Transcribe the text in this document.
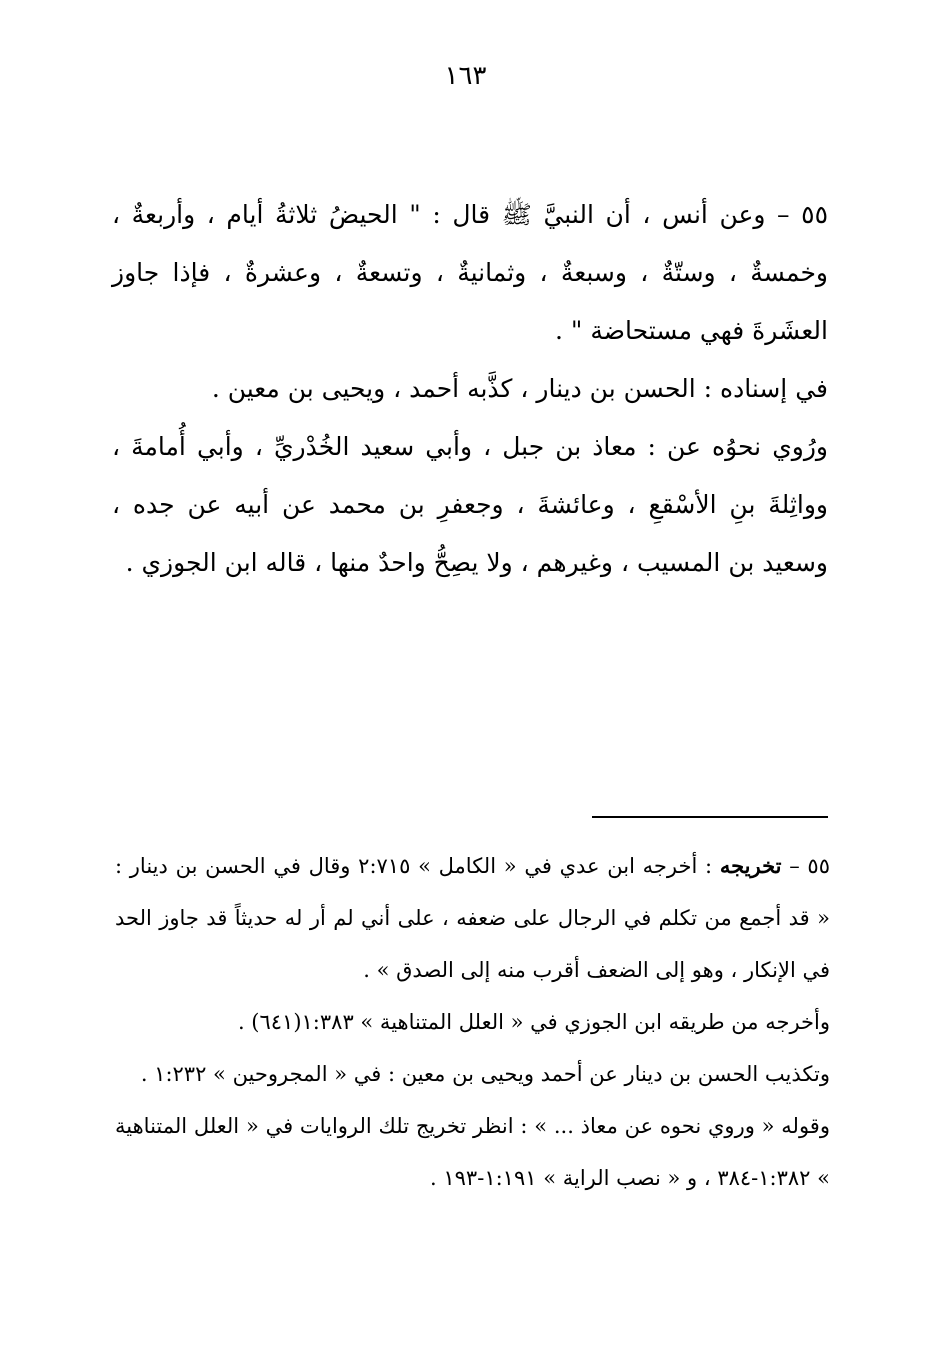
١٦٣

٥٥ – وعن أنس ، أن النبيَّ ﷺ قال : " الحيضُ ثلاثةُ أيام ، وأربعةٌ ، وخمسةٌ ، وستّةٌ ، وسبعةٌ ، وثمانيةٌ ، وتسعةٌ ، وعشرةٌ ، فإذا جاوز العشَرةَ فهي مستحاضة " .

في إسناده : الحسن بن دينار ، كذَّبه أحمد ، ويحيى بن معين .

ورُوي نحوُه عن : معاذ بن جبل ، وأبي سعيد الخُدْريِّ ، وأبي أُمامةَ ، وواثِلةَ بنِ الأسْقعِ ، وعائشةَ ، وجعفرِ بن محمد عن أبيه عن جده ، وسعيد بن المسيب ، وغيرهم ، ولا يصِحُّ واحدٌ منها ، قاله ابن الجوزي .

٥٥ – تخريجه : أخرجه ابن عدي في « الكامل » ٢:٧١٥ وقال في الحسن بن دينار : « قد أجمع من تكلم في الرجال على ضعفه ، على أني لم أر له حديثاً قد جاوز الحد في الإنكار ، وهو إلى الضعف أقرب منه إلى الصدق » .

وأخرجه من طريقه ابن الجوزي في « العلل المتناهية » ١:٣٨٣(٦٤١) .

وتكذيب الحسن بن دينار عن أحمد ويحيى بن معين : في « المجروحين » ١:٢٣٢ .

وقوله « وروي نحوه عن معاذ ... » : انظر تخريج تلك الروايات في « العلل المتناهية » ١:٣٨٢-٣٨٤ ، و « نصب الراية » ١:١٩١-١٩٣ .
